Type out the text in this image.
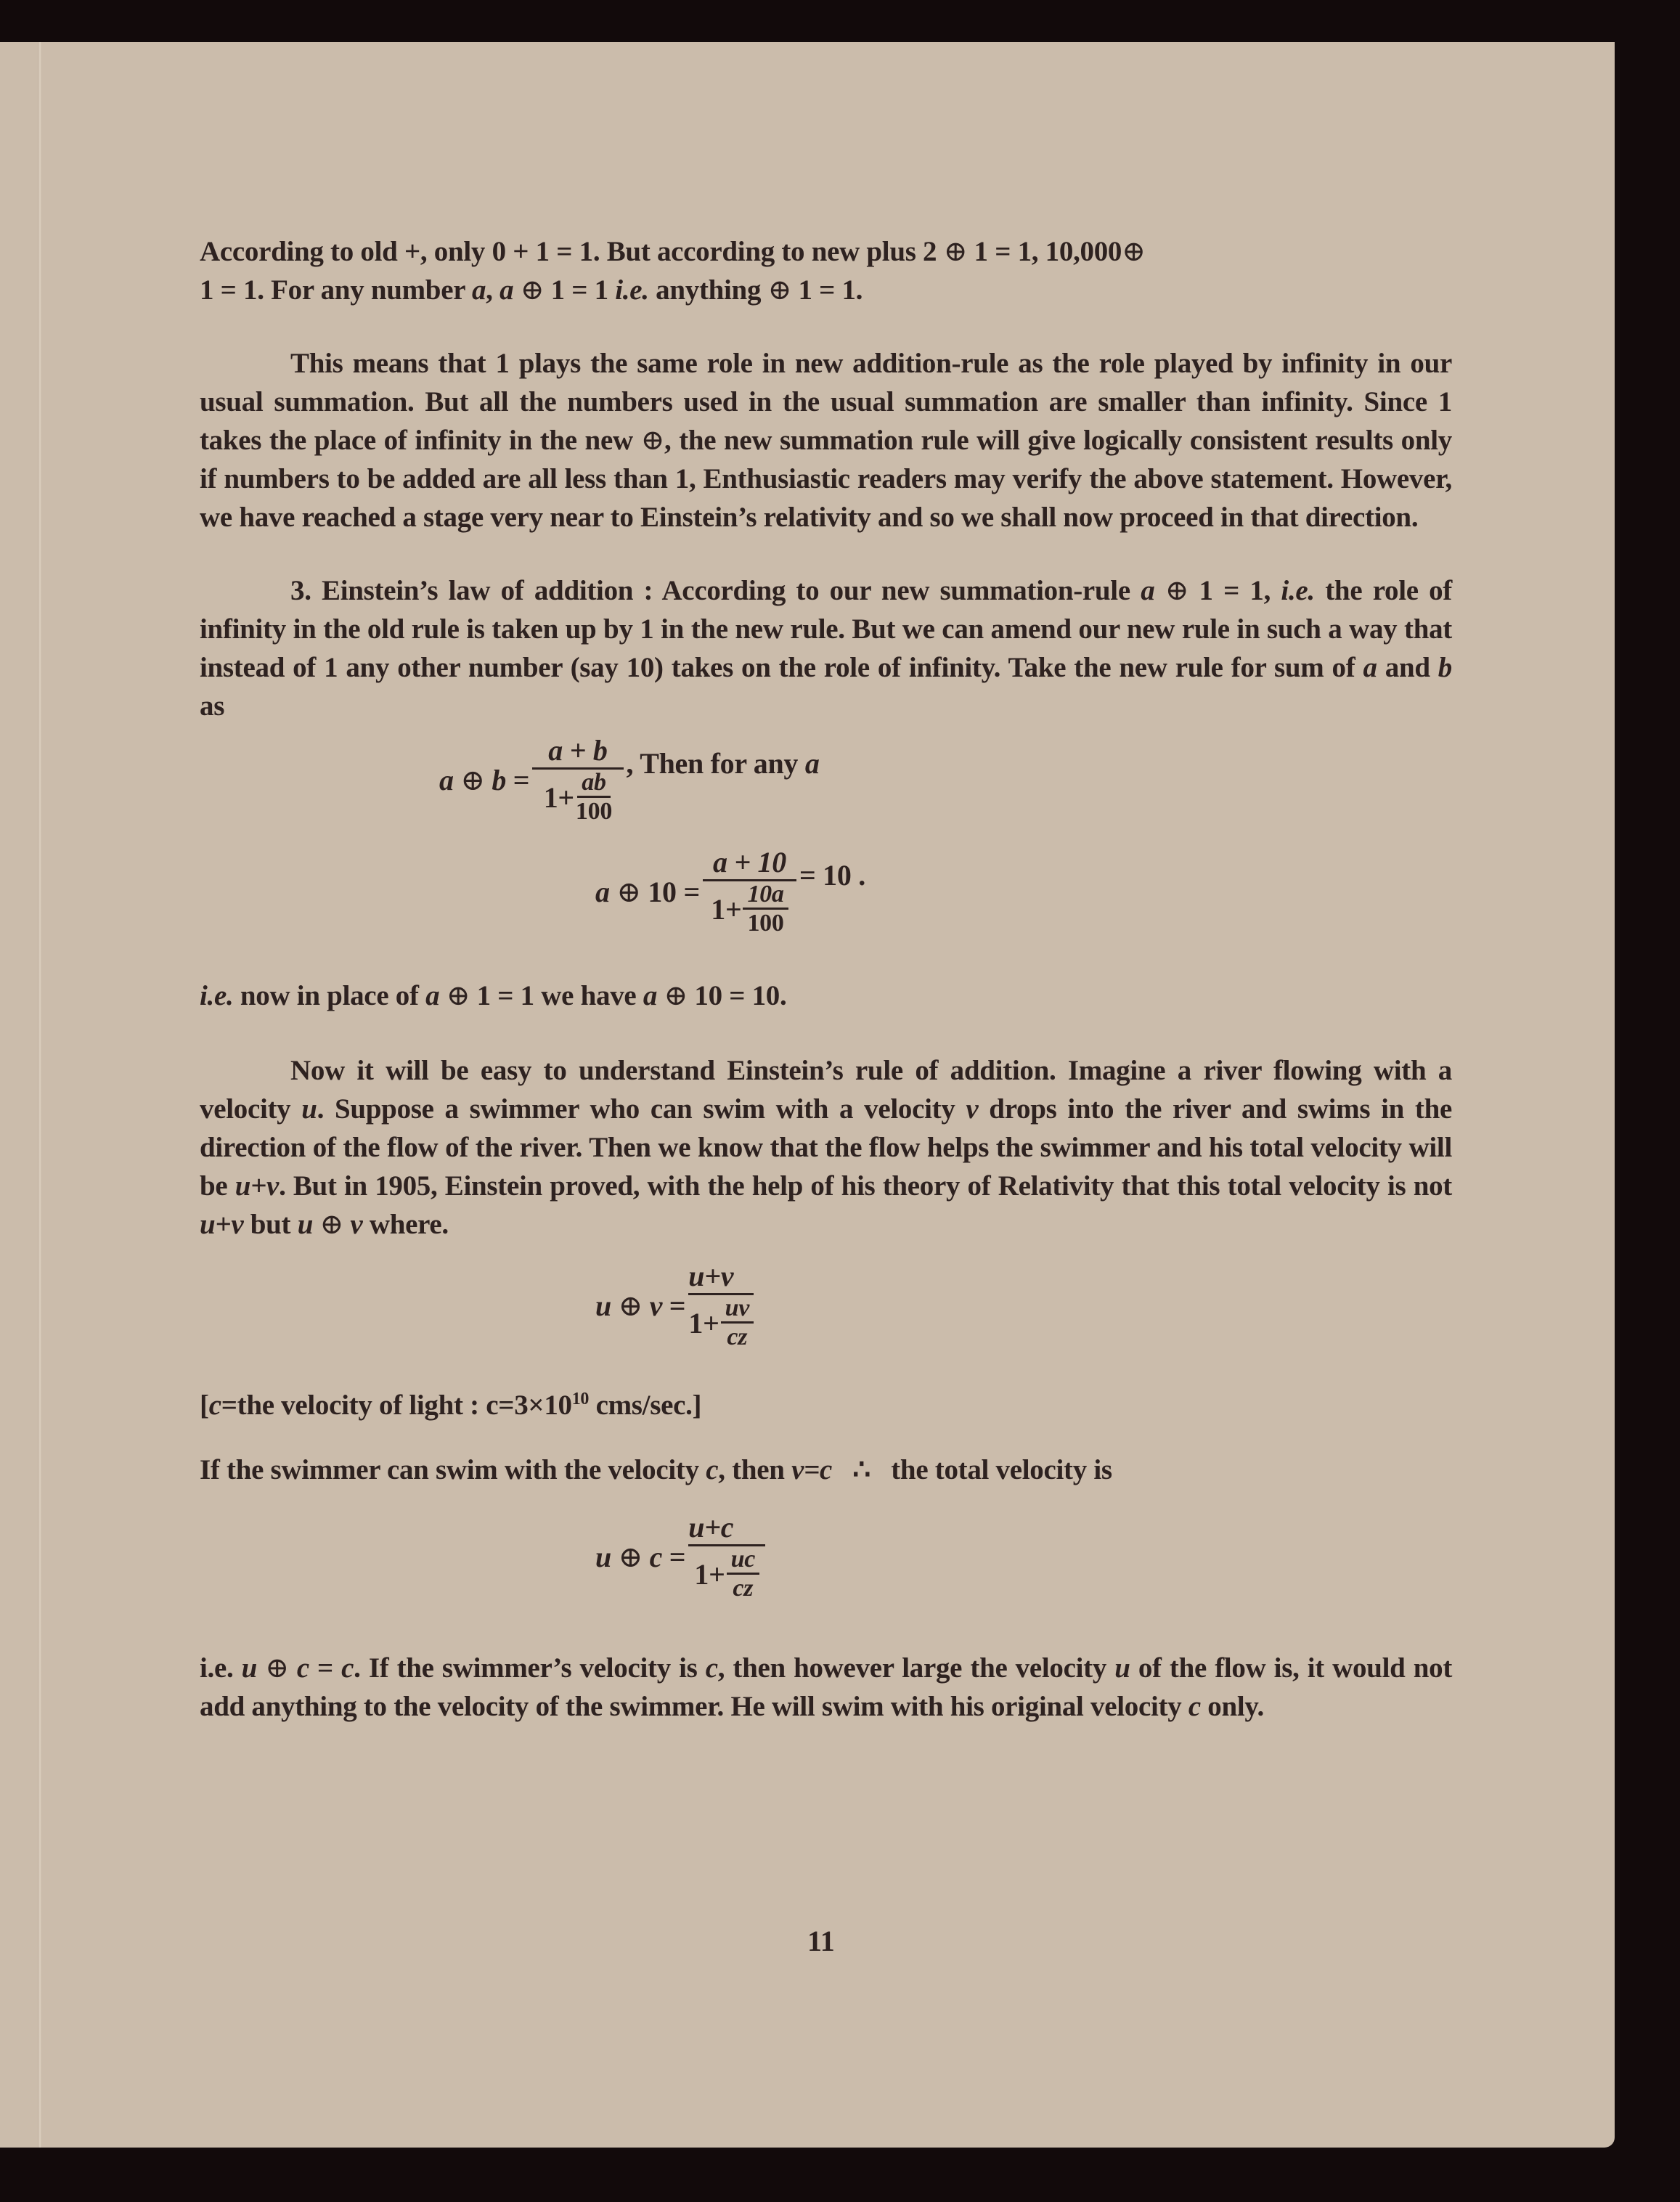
According to old +, only 0 + 1 = 1. But according to new plus 2 ⊕ 1 = 1, 10,000⊕
1 = 1. For any number a, a ⊕ 1 = 1 i.e. anything ⊕ 1 = 1.

This means that 1 plays the same role in new addition-rule as the role played by infinity in our usual summation. But all the numbers used in the usual summation are smaller than infinity. Since 1 takes the place of infinity in the new ⊕, the new summation rule will give logically consistent results only if numbers to be added are all less than 1, Enthusiastic readers may verify the above statement. However, we have reached a stage very near to Einstein’s relativity and so we shall now proceed in that direction.

3. Einstein’s law of addition : According to our new summation-rule a ⊕ 1 = 1, i.e. the role of infinity in the old rule is taken up by 1 in the new rule. But we can amend our new rule in such a way that instead of 1 any other number (say 10) takes on the role of infinity. Take the new rule for sum of a and b as

a
⊕
b
= $\frac{a + b}{1+ \frac{ab}{100}}$ , Then for any a
a
⊕
10
= $\frac{a + 10}{1+ \frac{10a}{100}} = 10$ .

i.e. now in place of a ⊕ 1 = 1 we have a ⊕ 10 = 10.

Now it will be easy to understand Einstein’s rule of addition. Imagine a river flowing with a velocity u. Suppose a swimmer who can swim with a velocity v drops into the river and swims in the direction of the flow of the river. Then we know that the flow helps the swimmer and his total velocity will be u+v. But in 1905, Einstein proved, with the help of his theory of Relativity that this total velocity is not u+v but u ⊕ v where.

u
⊕
v
= $\frac{u+v}{1+ \frac{uv}{cz}}$

[c=the velocity of light : $c=3\times 10^{10}$ cms/sec.]

If the swimmer can swim with the velocity c, then v=c   ∴   the total velocity is

u
⊕
c
= $\frac{u+c}{1+ \frac{uc}{cz}}$

i.e. u ⊕ c = c. If the swimmer’s velocity is c, then however large the velocity u of the flow is, it would not add anything to the velocity of the swimmer. He will swim with his original velocity c only.

11
